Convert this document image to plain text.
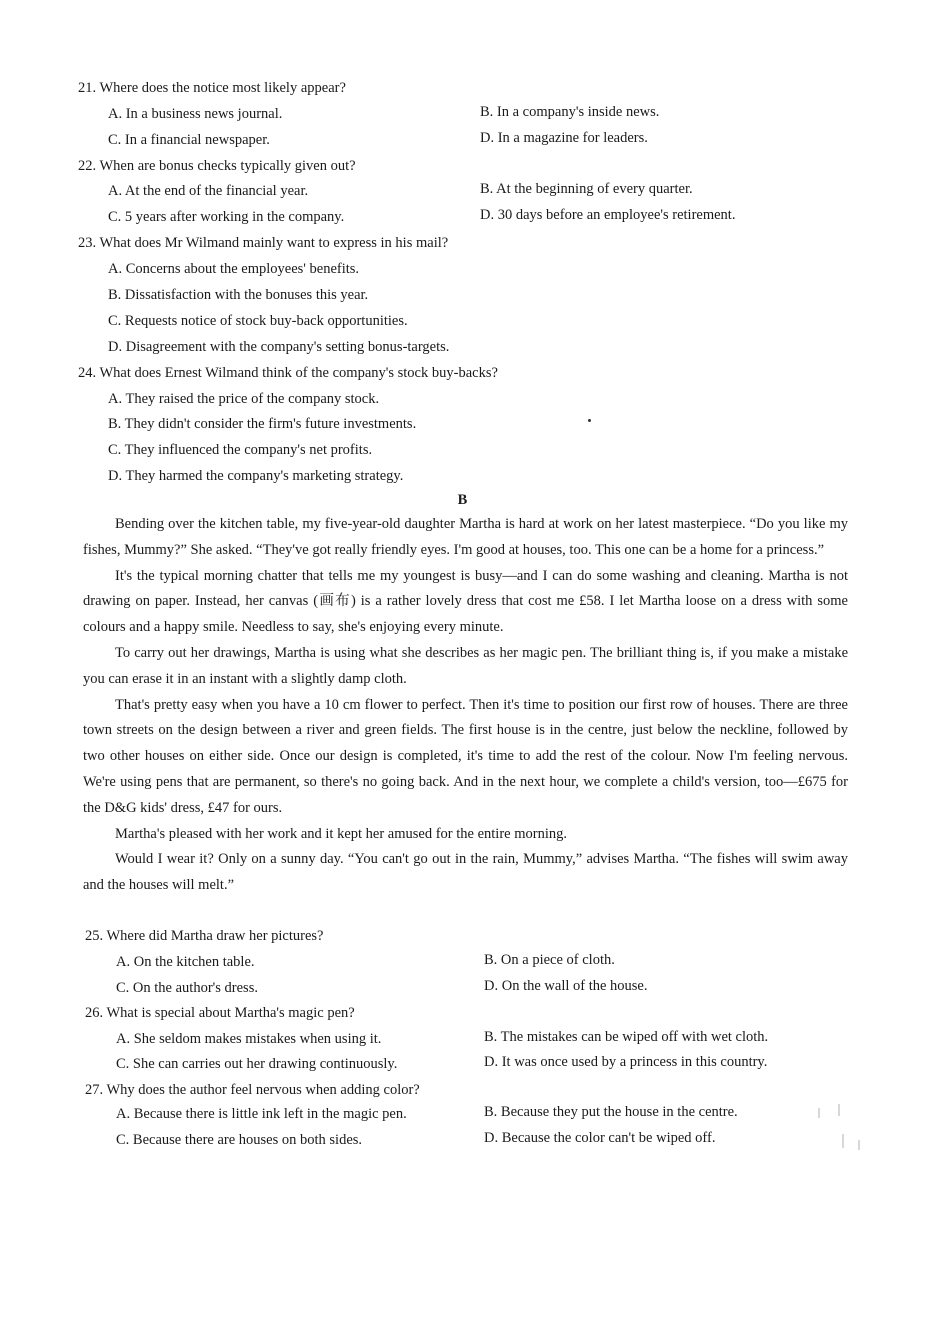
21. Where does the notice most likely appear?
A. In a business news journal.	B. In a company's inside news.
C. In a financial newspaper.	D. In a magazine for leaders.
22. When are bonus checks typically given out?
A. At the end of the financial year.	B. At the beginning of every quarter.
C. 5 years after working in the company.	D. 30 days before an employee's retirement.
23. What does Mr Wilmand mainly want to express in his mail?
A. Concerns about the employees' benefits.
B. Dissatisfaction with the bonuses this year.
C. Requests notice of stock buy-back opportunities.
D. Disagreement with the company's setting bonus-targets.
24. What does Ernest Wilmand think of the company's stock buy-backs?
A. They raised the price of the company stock.
B. They didn't consider the firm's future investments.
C. They influenced the company's net profits.
D. They harmed the company's marketing strategy.
B

Bending over the kitchen table, my five-year-old daughter Martha is hard at work on her latest masterpiece. “Do you like my fishes, Mummy?” She asked. “They've got really friendly eyes. I'm good at houses, too. This one can be a home for a princess.”

It's the typical morning chatter that tells me my youngest is busy—and I can do some washing and cleaning. Martha is not drawing on paper. Instead, her canvas (画布) is a rather lovely dress that cost me £58. I let Martha loose on a dress with some colours and a happy smile. Needless to say, she's enjoying every minute.

To carry out her drawings, Martha is using what she describes as her magic pen. The brilliant thing is, if you make a mistake you can erase it in an instant with a slightly damp cloth.

That's pretty easy when you have a 10 cm flower to perfect. Then it's time to position our first row of houses. There are three town streets on the design between a river and green fields. The first house is in the centre, just below the neckline, followed by two other houses on either side. Once our design is completed, it's time to add the rest of the colour. Now I'm feeling nervous. We're using pens that are permanent, so there's no going back. And in the next hour, we complete a child's version, too—£675 for the D&G kids' dress, £47 for ours.

Martha's pleased with her work and it kept her amused for the entire morning.

Would I wear it? Only on a sunny day. “You can't go out in the rain, Mummy,” advises Martha. “The fishes will swim away and the houses will melt.”

25. Where did Martha draw her pictures?
A. On the kitchen table.	B. On a piece of cloth.
C. On the author's dress.	D. On the wall of the house.
26. What is special about Martha's magic pen?
A. She seldom makes mistakes when using it.	B. The mistakes can be wiped off with wet cloth.
C. She can carries out her drawing continuously.	D. It was once used by a princess in this country.
27. Why does the author feel nervous when adding color?
A. Because there is little ink left in the magic pen.	B. Because they put the house in the centre.
C. Because there are houses on both sides.	D. Because the color can't be wiped off.
